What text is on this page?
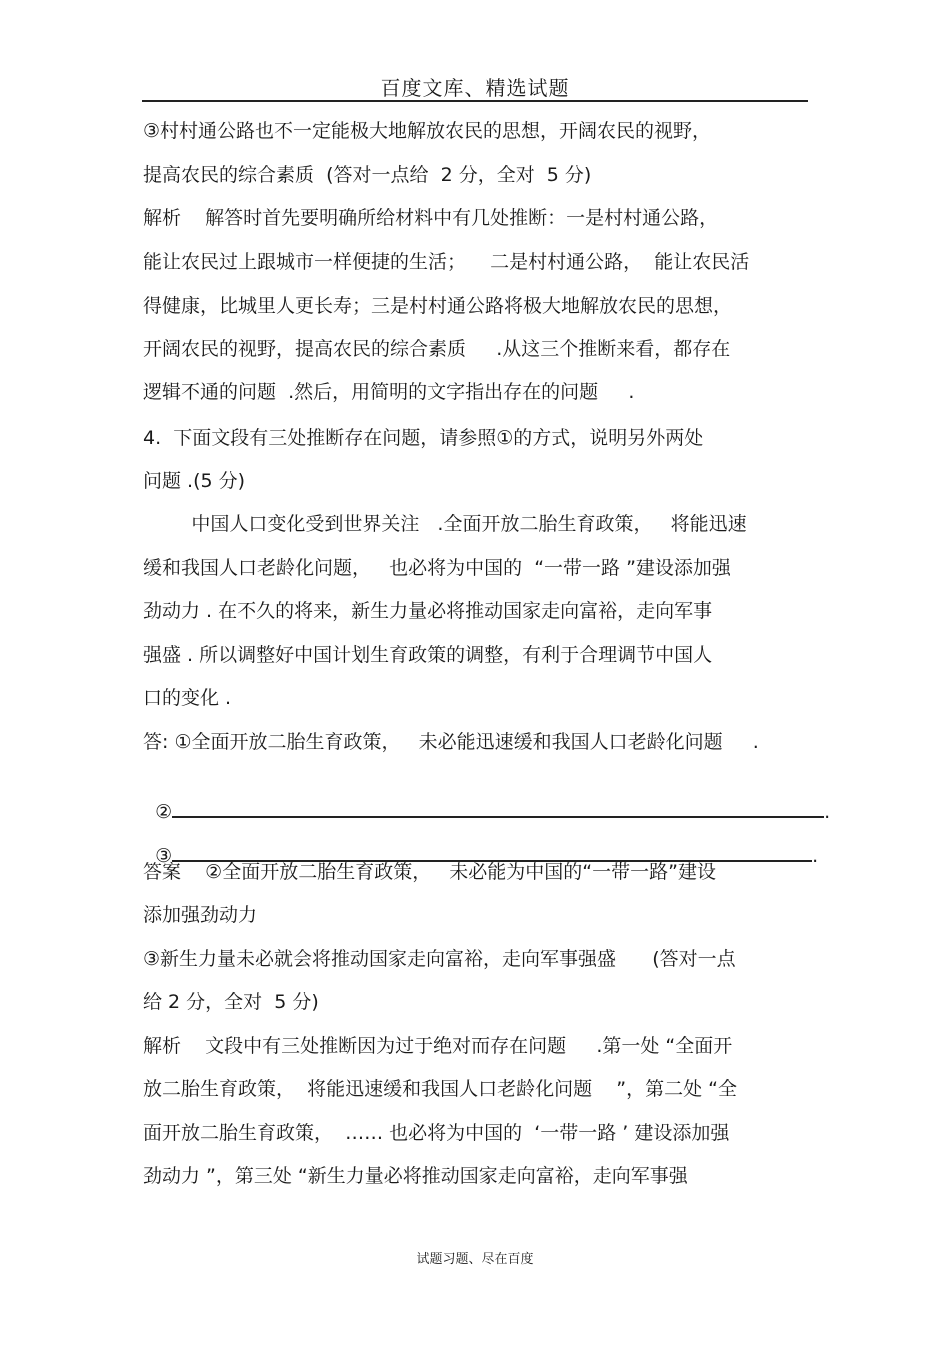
百度文库、精选试题
③村村通公路也不一定能极大地解放农民的思想，开阔农民的视野，
提高农民的综合素质  (答对一点给  2 分，全对  5 分)
解析    解答时首先要明确所给材料中有几处推断：一是村村通公路，
能让农民过上跟城市一样便捷的生活；    二是村村通公路，  能让农民活
得健康，比城里人更长寿；三是村村通公路将极大地解放农民的思想，
开阔农民的视野，提高农民的综合素质     .从这三个推断来看，都存在
逻辑不通的问题  .然后，用简明的文字指出存在的问题     .
4.  下面文段有三处推断存在问题，请参照①的方式，说明另外两处
问题 .(5 分)
中国人口变化受到世界关注   .全面开放二胎生育政策，   将能迅速
缓和我国人口老龄化问题，   也必将为中国的  “一带一路 ”建设添加强
劲动力 . 在不久的将来，新生力量必将推动国家走向富裕，走向军事
强盛 . 所以调整好中国计划生育政策的调整，有利于合理调节中国人
口的变化 .
答: ①全面开放二胎生育政策，   未必能迅速缓和我国人口老龄化问题     .

②	.

③	.

答案    ②全面开放二胎生育政策，   未必能为中国的“一带一路”建设
添加强劲动力
③新生力量未必就会将推动国家走向富裕，走向军事强盛      (答对一点
给 2 分，全对  5 分)
解析    文段中有三处推断因为过于绝对而存在问题     .第一处 “全面开
放二胎生育政策，  将能迅速缓和我国人口老龄化问题    ”，第二处 “全
面开放二胎生育政策，  …… 也必将为中国的  ‘一带一路 ’ 建设添加强
劲动力 ”，第三处 “新生力量必将推动国家走向富裕，走向军事强
试题习题、尽在百度
